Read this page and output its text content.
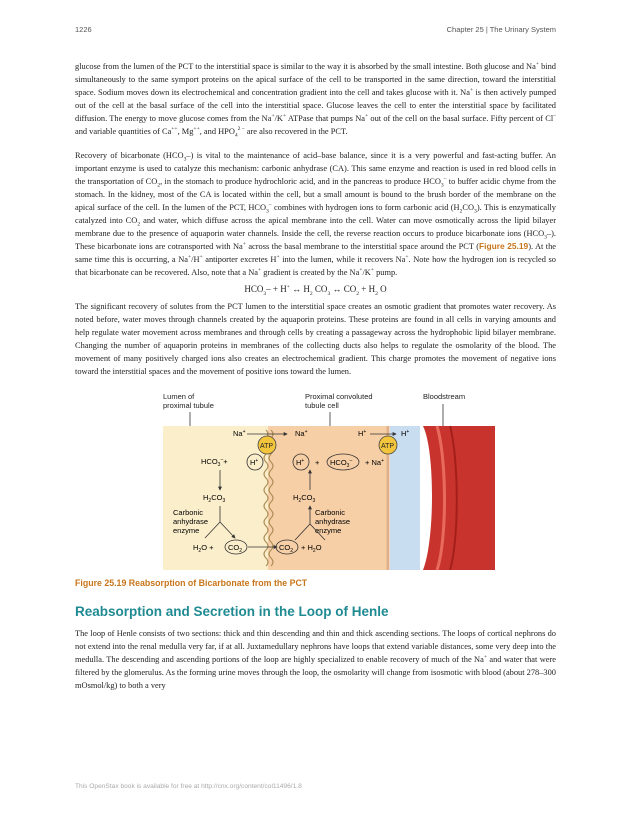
1226	Chapter 25 | The Urinary System

glucose from the lumen of the PCT to the interstitial space is similar to the way it is absorbed by the small intestine. Both glucose and Na+ bind simultaneously to the same symport proteins on the apical surface of the cell to be transported in the same direction, toward the interstitial space. Sodium moves down its electrochemical and concentration gradient into the cell and takes glucose with it. Na+ is then actively pumped out of the cell at the basal surface of the cell into the interstitial space. Glucose leaves the cell to enter the interstitial space by facilitated diffusion. The energy to move glucose comes from the Na+/K+ ATPase that pumps Na+ out of the cell on the basal surface. Fifty percent of Cl– and variable quantities of Ca++, Mg++, and $HPO_4^{2 -}$ are also recovered in the PCT.

Recovery of bicarbonate $(HCO_3-)$ is vital to the maintenance of acid–base balance, since it is a very powerful and fast-acting buffer. An important enzyme is used to catalyze this mechanism: carbonic anhydrase (CA). This same enzyme and reaction is used in red blood cells in the transportation of $CO_2$, in the stomach to produce hydrochloric acid, and in the pancreas to produce $HCO_3^-$ to buffer acidic chyme from the stomach. In the kidney, most of the CA is located within the cell, but a small amount is bound to the brush border of the membrane on the apical surface of the cell. In the lumen of the PCT, $HCO_3^-$ combines with hydrogen ions to form carbonic acid $(H_2CO_3)$. This is enzymatically catalyzed into $CO_2$ and water, which diffuse across the apical membrane into the cell. Water can move osmotically across the lipid bilayer membrane due to the presence of aquaporin water channels. Inside the cell, the reverse reaction occurs to produce bicarbonate ions $(HCO_3-)$. These bicarbonate ions are cotransported with Na+ across the basal membrane to the interstitial space around the PCT (Figure 25.19). At the same time this is occurring, a Na+/H+ antiporter excretes H+ into the lumen, while it recovers Na+. Note how the hydrogen ion is recycled so that bicarbonate can be recovered. Also, note that a Na+ gradient is created by the Na+/K+ pump.

$HCO_3- + H^+$ ↔ $H_2$ $CO_3$ ↔ $CO_2 + H_2$ O

The significant recovery of solutes from the PCT lumen to the interstitial space creates an osmotic gradient that promotes water recovery. As noted before, water moves through channels created by the aquaporin proteins. These proteins are found in all cells in varying amounts and help regulate water movement across membranes and through cells by creating a passageway across the hydrophobic lipid bilayer membrane. Changing the number of aquaporin proteins in membranes of the collecting ducts also helps to regulate the osmolarity of the blood. The movement of many positively charged ions also creates an electrochemical gradient. This charge promotes the movement of negative ions toward the interstitial spaces and the movement of positive ions toward the lumen.

Lumen of
proximal tubule
Proximal convoluted
tubule cell
Bloodstream
Na+	Na+	H+	H+
ATP	ATP
$HCO_3^-+$	H+	$H^+ + HCO_3^- + Na^+$
$H_2CO_3$	$H_2CO_3$
Carbonic
anhydrase
enzyme
Carbonic
anhydrase
enzyme
$H_2O + CO_2$	$CO_2 + H_2O$
Figure 25.19 Reabsorption of Bicarbonate from the PCT
Reabsorption and Secretion in the Loop of Henle

The loop of Henle consists of two sections: thick and thin descending and thin and thick ascending sections. The loops of cortical nephrons do not extend into the renal medulla very far, if at all. Juxtamedullary nephrons have loops that extend variable distances, some very deep into the medulla. The descending and ascending portions of the loop are highly specialized to enable recovery of much of the Na+ and water that were filtered by the glomerulus. As the forming urine moves through the loop, the osmolarity will change from isosmotic with blood (about 278–300 mOsmol/kg) to both a very

This OpenStax book is available for free at http://cnx.org/content/col11496/1.8
